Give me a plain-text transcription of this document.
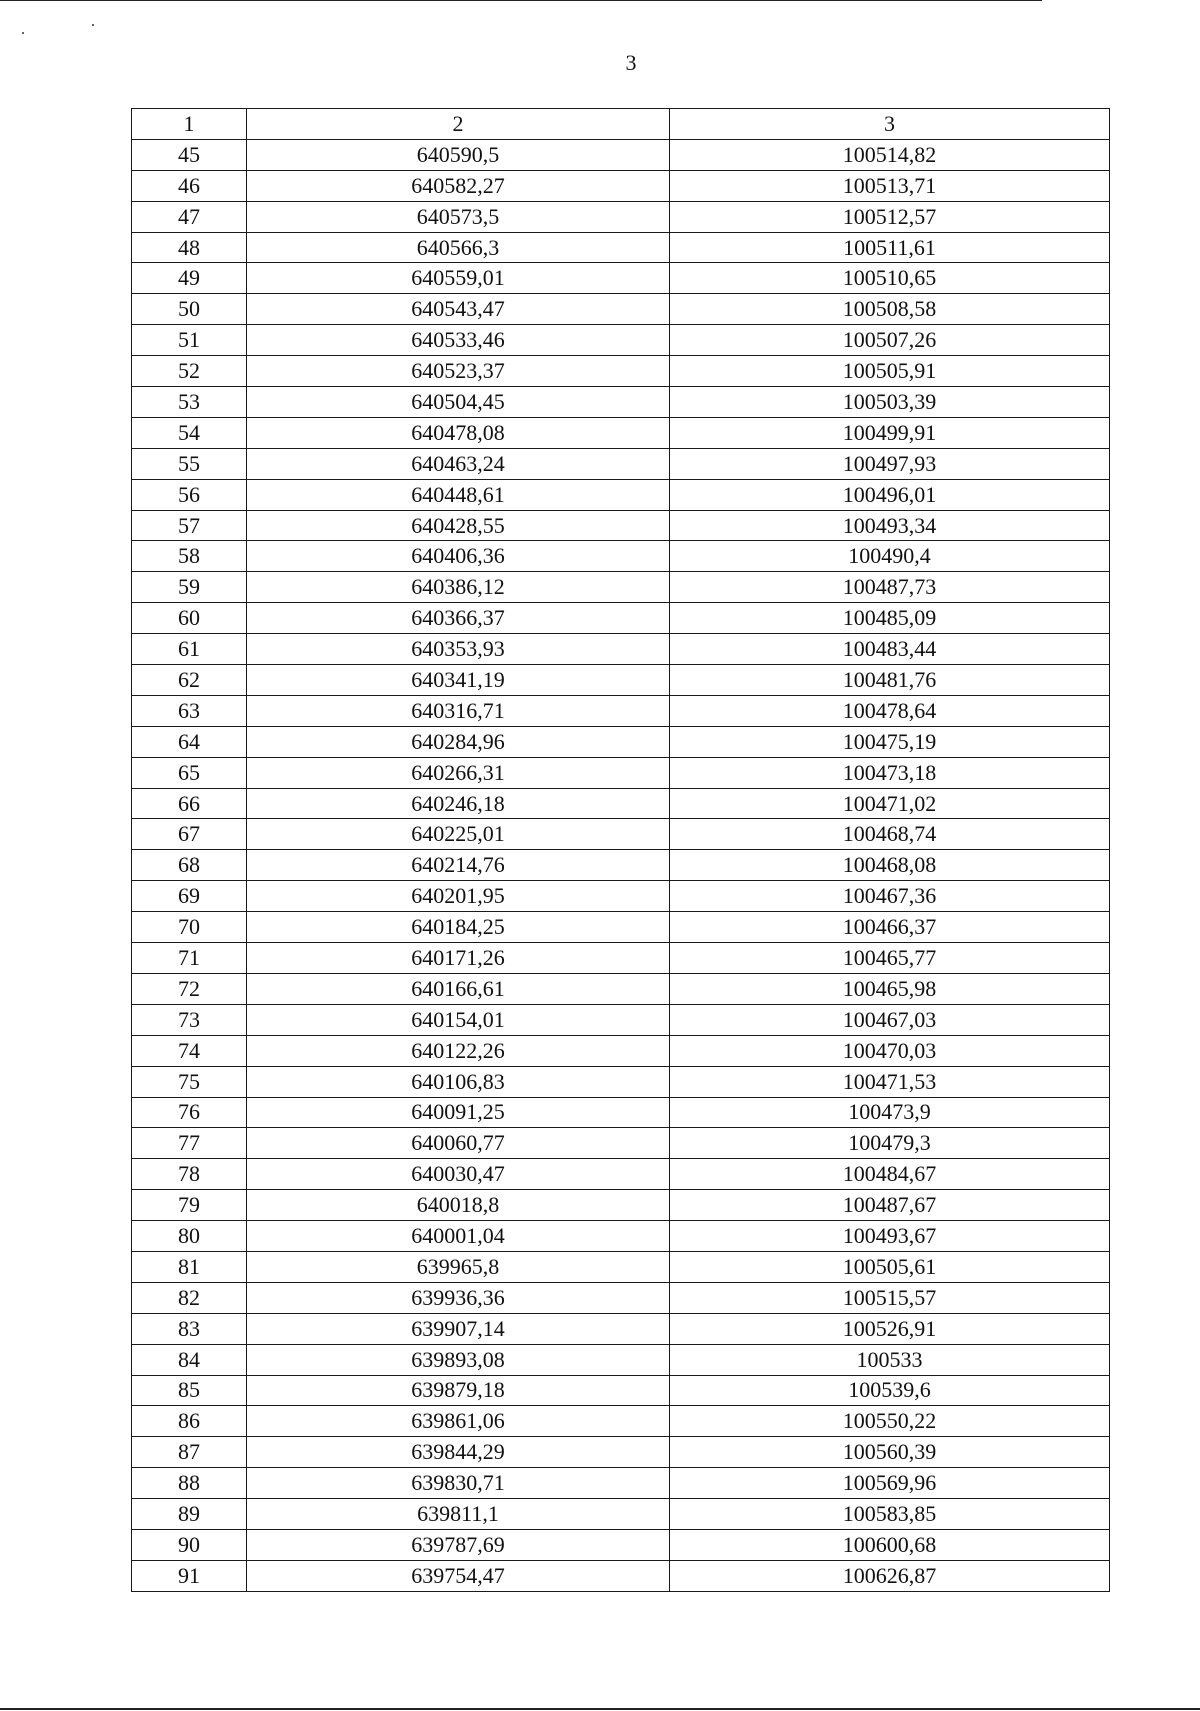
3
1	2	3
45	640590,5	100514,82
46	640582,27	100513,71
47	640573,5	100512,57
48	640566,3	100511,61
49	640559,01	100510,65
50	640543,47	100508,58
51	640533,46	100507,26
52	640523,37	100505,91
53	640504,45	100503,39
54	640478,08	100499,91
55	640463,24	100497,93
56	640448,61	100496,01
57	640428,55	100493,34
58	640406,36	100490,4
59	640386,12	100487,73
60	640366,37	100485,09
61	640353,93	100483,44
62	640341,19	100481,76
63	640316,71	100478,64
64	640284,96	100475,19
65	640266,31	100473,18
66	640246,18	100471,02
67	640225,01	100468,74
68	640214,76	100468,08
69	640201,95	100467,36
70	640184,25	100466,37
71	640171,26	100465,77
72	640166,61	100465,98
73	640154,01	100467,03
74	640122,26	100470,03
75	640106,83	100471,53
76	640091,25	100473,9
77	640060,77	100479,3
78	640030,47	100484,67
79	640018,8	100487,67
80	640001,04	100493,67
81	639965,8	100505,61
82	639936,36	100515,57
83	639907,14	100526,91
84	639893,08	100533
85	639879,18	100539,6
86	639861,06	100550,22
87	639844,29	100560,39
88	639830,71	100569,96
89	639811,1	100583,85
90	639787,69	100600,68
91	639754,47	100626,87
